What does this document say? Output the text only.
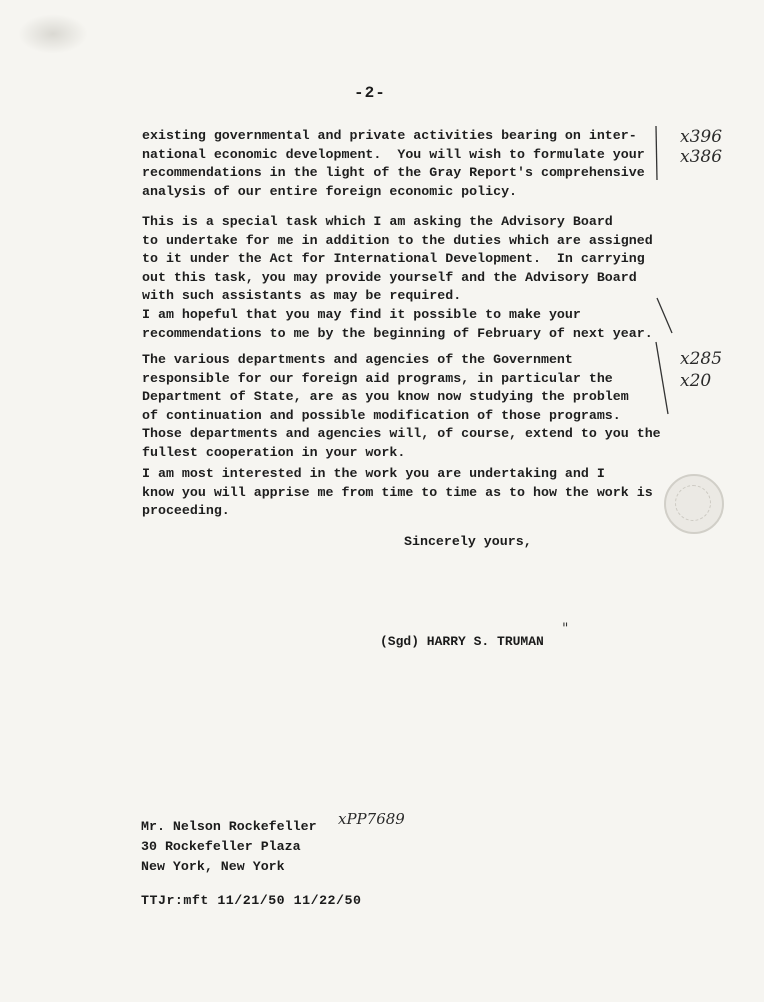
-2-
existing governmental and private activities bearing on inter-
national economic development.  You will wish to formulate your
recommendations in the light of the Gray Report's comprehensive
analysis of our entire foreign economic policy.
This is a special task which I am asking the Advisory Board
to undertake for me in addition to the duties which are assigned
to it under the Act for International Development.  In carrying
out this task, you may provide yourself and the Advisory Board
with such assistants as may be required.
I am hopeful that you may find it possible to make your
recommendations to me by the beginning of February of next year.
The various departments and agencies of the Government
responsible for our foreign aid programs, in particular the
Department of State, are as you know now studying the problem
of continuation and possible modification of those programs.
Those departments and agencies will, of course, extend to you the
fullest cooperation in your work.
I am most interested in the work you are undertaking and I
know you will apprise me from time to time as to how the work is
proceeding.
x396
x386
x285
x20
Sincerely yours,
(Sgd) HARRY S. TRUMAN
"
Mr. Nelson Rockefeller
30 Rockefeller Plaza
New York, New York
xPP7689
TTJr:mft 11/21/50 11/22/50
